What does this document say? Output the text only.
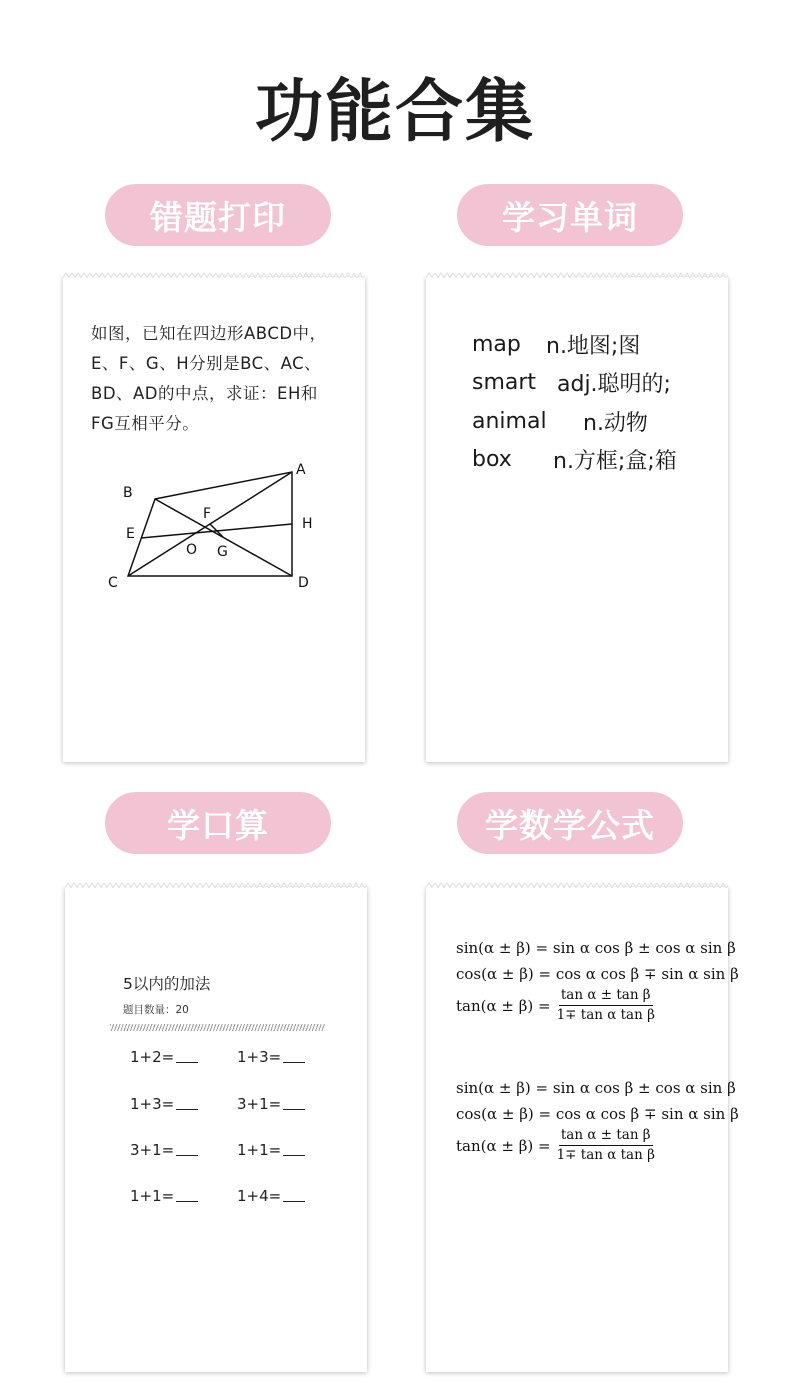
功能合集
错题打印	学习单词
学口算	学数学公式
如图，已知在四边形ABCD中，
E、F、G、H分别是BC、AC、
BD、AD的中点，求证：EH和
FG互相平分。
A
B
C	D
E
F
G
H
O
map	n.地图;图
smart adj.聪明的;
animal	n.动物
box	n.方框;盒;箱
5以内的加法
题目数量：20
1+2=	1+3=
1+3=	3+1=
3+1=	1+1=
1+1=	1+4=
sin(α ± β) = sin α cos β ± cos α sin β
cos(α ± β) = cos α cos β ∓ sin α sin β
$\tan(\alpha \pm \beta) = \frac{\text{tan α ± tan β}}{\text{1∓ tan α tan β}}$
sin(α ± β) = sin α cos β ± cos α sin β
cos(α ± β) = cos α cos β ∓ sin α sin β
$\tan(\alpha \pm \beta) = \frac{\text{tan α ± tan β}}{\text{1∓ tan α tan β}}$
